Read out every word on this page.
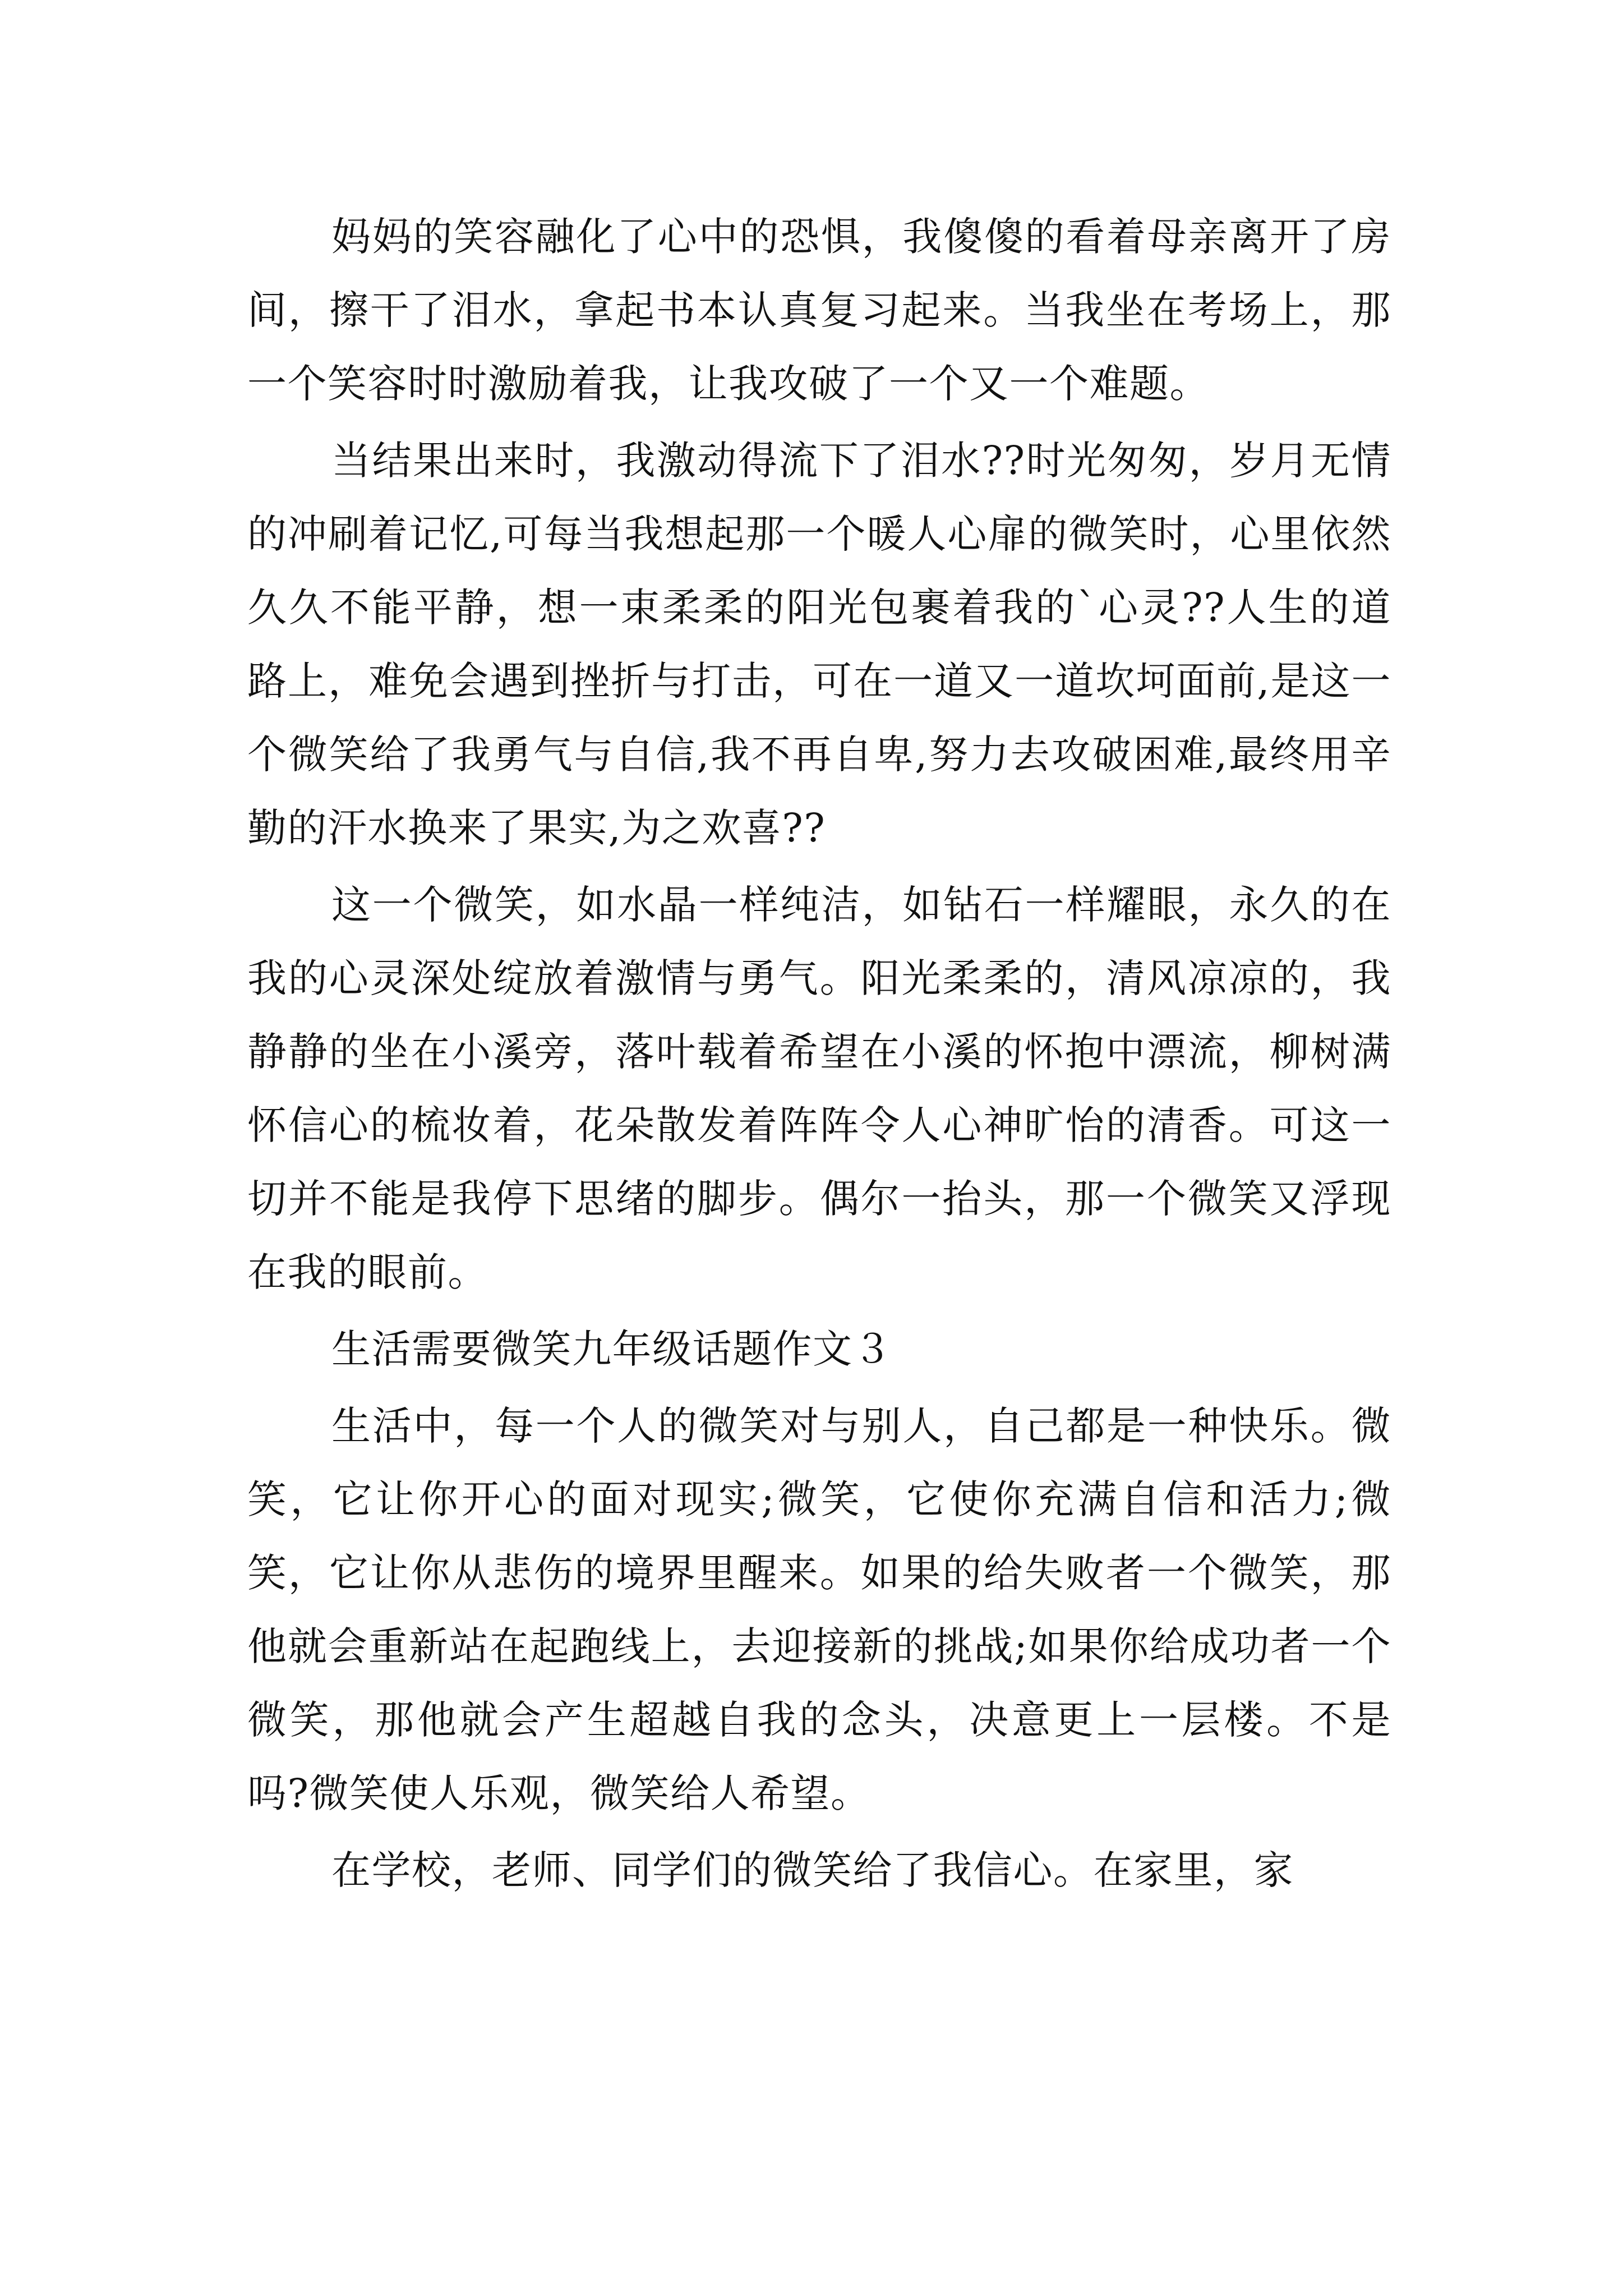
妈妈的笑容融化了心中的恐惧，我傻傻的看着母亲离开了房间，擦干了泪水，拿起书本认真复习起来。当我坐在考场上，那一个笑容时时激励着我，让我攻破了一个又一个难题。

当结果出来时，我激动得流下了泪水??时光匆匆，岁月无情的冲刷着记忆,可每当我想起那一个暖人心扉的微笑时，心里依然久久不能平静，想一束柔柔的阳光包裹着我的`心灵??人生的道路上，难免会遇到挫折与打击，可在一道又一道坎坷面前,是这一个微笑给了我勇气与自信,我不再自卑,努力去攻破困难,最终用辛勤的汗水换来了果实,为之欢喜??

这一个微笑，如水晶一样纯洁，如钻石一样耀眼，永久的在我的心灵深处绽放着激情与勇气。阳光柔柔的，清风凉凉的，我静静的坐在小溪旁，落叶载着希望在小溪的怀抱中漂流，柳树满怀信心的梳妆着，花朵散发着阵阵令人心神旷怡的清香。可这一切并不能是我停下思绪的脚步。偶尔一抬头，那一个微笑又浮现在我的眼前。

生活需要微笑九年级话题作文３

生活中，每一个人的微笑对与别人，自己都是一种快乐。微笑，它让你开心的面对现实;微笑，它使你充满自信和活力;微笑，它让你从悲伤的境界里醒来。如果的给失败者一个微笑，那他就会重新站在起跑线上，去迎接新的挑战;如果你给成功者一个微笑，那他就会产生超越自我的念头，决意更上一层楼。不是吗?微笑使人乐观，微笑给人希望。

在学校，老师、同学们的微笑给了我信心。在家里，家
